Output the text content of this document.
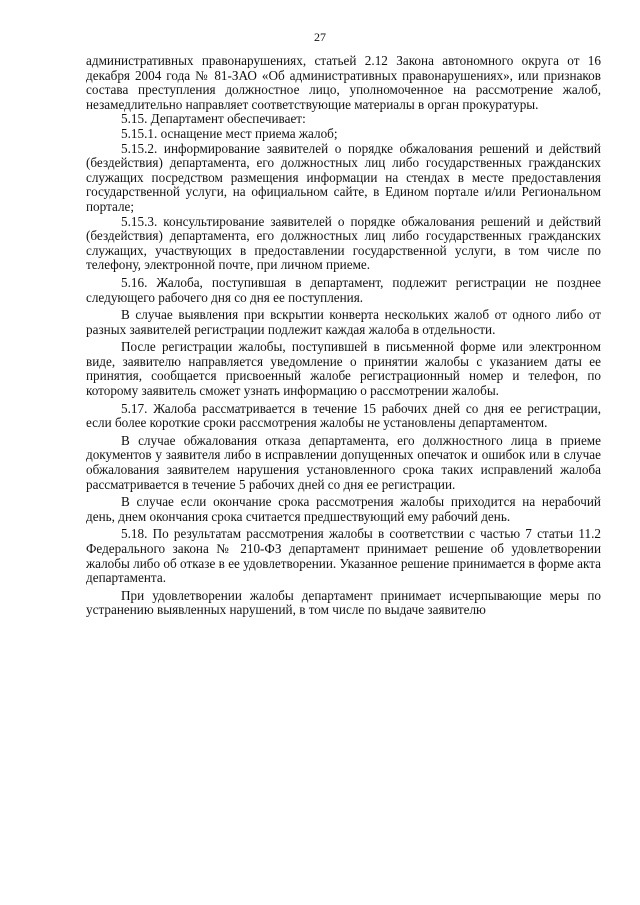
27

административных правонарушениях, статьей 2.12 Закона автономного округа от 16 декабря 2004 года № 81-ЗАО «Об административных правонарушениях», или признаков состава преступления должностное лицо, уполномоченное на рассмотрение жалоб, незамедлительно направляет соответствующие материалы в орган прокуратуры.

5.15. Департамент обеспечивает:

5.15.1. оснащение мест приема жалоб;

5.15.2. информирование заявителей о порядке обжалования решений и действий (бездействия) департамента, его должностных лиц либо государственных гражданских служащих посредством размещения информации на стендах в месте предоставления государственной услуги, на официальном сайте, в Едином портале и/или Региональном портале;

5.15.3. консультирование заявителей о порядке обжалования решений и действий (бездействия) департамента, его должностных лиц либо государственных гражданских служащих, участвующих в предоставлении государственной услуги, в том числе по телефону, электронной почте, при личном приеме.

5.16. Жалоба, поступившая в департамент, подлежит регистрации не позднее следующего рабочего дня со дня ее поступления.

В случае выявления при вскрытии конверта нескольких жалоб от одного либо от разных заявителей регистрации подлежит каждая жалоба в отдельности.

После регистрации жалобы, поступившей в письменной форме или электронном виде, заявителю направляется уведомление о принятии жалобы с указанием даты ее принятия, сообщается присвоенный жалобе регистрационный номер и телефон, по которому заявитель сможет узнать информацию о рассмотрении жалобы.

5.17. Жалоба рассматривается в течение 15 рабочих дней со дня ее регистрации, если более короткие сроки рассмотрения жалобы не установлены департаментом.

В случае обжалования отказа департамента, его должностного лица в приеме документов у заявителя либо в исправлении допущенных опечаток и ошибок или в случае обжалования заявителем нарушения установленного срока таких исправлений жалоба рассматривается в течение 5 рабочих дней со дня ее регистрации.

В случае если окончание срока рассмотрения жалобы приходится на нерабочий день, днем окончания срока считается предшествующий ему рабочий день.

5.18. По результатам рассмотрения жалобы в соответствии с частью 7 статьи 11.2 Федерального закона № 210-ФЗ департамент принимает решение об удовлетворении жалобы либо об отказе в ее удовлетворении. Указанное решение принимается в форме акта департамента.

При удовлетворении жалобы департамент принимает исчерпывающие меры по устранению выявленных нарушений, в том числе по выдаче заявителю
